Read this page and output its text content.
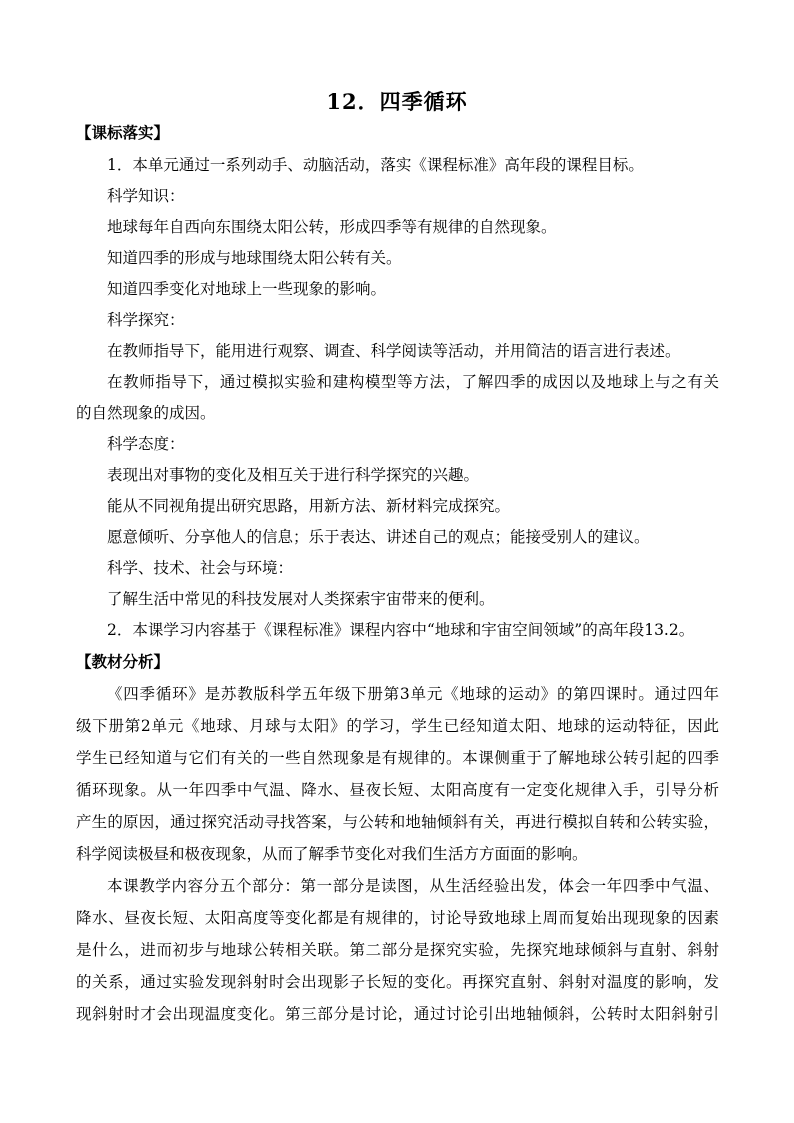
12．四季循环
【课标落实】
1．本单元通过一系列动手、动脑活动，落实《课程标准》高年段的课程目标。
科学知识：
地球每年自西向东围绕太阳公转，形成四季等有规律的自然现象。
知道四季的形成与地球围绕太阳公转有关。
知道四季变化对地球上一些现象的影响。
科学探究：
在教师指导下，能用进行观察、调查、科学阅读等活动，并用简洁的语言进行表述。
在教师指导下，通过模拟实验和建构模型等方法，了解四季的成因以及地球上与之有关
的自然现象的成因。
科学态度：
表现出对事物的变化及相互关于进行科学探究的兴趣。
能从不同视角提出研究思路，用新方法、新材料完成探究。
愿意倾听、分享他人的信息；乐于表达、讲述自己的观点；能接受别人的建议。
科学、技术、社会与环境：
了解生活中常见的科技发展对人类探索宇宙带来的便利。
2．本课学习内容基于《课程标准》课程内容中“地球和宇宙空间领域”的高年段13.2。
【教材分析】
《四季循环》是苏教版科学五年级下册第3单元《地球的运动》的第四课时。通过四年
级下册第2单元《地球、月球与太阳》的学习，学生已经知道太阳、地球的运动特征，因此
学生已经知道与它们有关的一些自然现象是有规律的。本课侧重于了解地球公转引起的四季
循环现象。从一年四季中气温、降水、昼夜长短、太阳高度有一定变化规律入手，引导分析
产生的原因，通过探究活动寻找答案，与公转和地轴倾斜有关，再进行模拟自转和公转实验，
科学阅读极昼和极夜现象，从而了解季节变化对我们生活方方面面的影响。
本课教学内容分五个部分：第一部分是读图，从生活经验出发，体会一年四季中气温、
降水、昼夜长短、太阳高度等变化都是有规律的，讨论导致地球上周而复始出现现象的因素
是什么，进而初步与地球公转相关联。第二部分是探究实验，先探究地球倾斜与直射、斜射
的关系，通过实验发现斜射时会出现影子长短的变化。再探究直射、斜射对温度的影响，发
现斜射时才会出现温度变化。第三部分是讨论，通过讨论引出地轴倾斜，公转时太阳斜射引
